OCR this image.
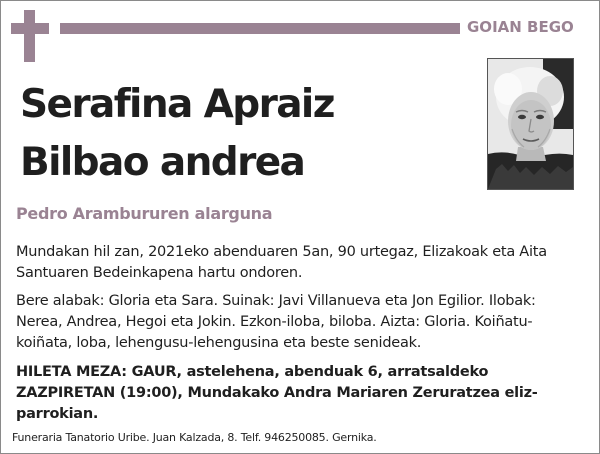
GOIAN BEGO
Serafina Apraiz
Bilbao andrea
Pedro Arambururen alarguna
Mundakan hil zan, 2021eko abenduaren 5an, 90 urtegaz, Elizakoak eta Aita Santuaren Bedeinkapena hartu ondoren.
Bere alabak: Gloria eta Sara. Suinak: Javi Villanueva eta Jon Egilior. Ilobak: Nerea, Andrea, Hegoi eta Jokin. Ezkon-iloba, biloba. Aizta: Gloria. Koiñatu-koiñata, loba, lehengusu-lehengusina eta beste senideak.
HILETA MEZA: GAUR, astelehena, abenduak 6, arratsaldeko ZAZPIRETAN (19:00), Mundakako Andra Mariaren Zeruratzea eliz-parrokian.
Funeraria Tanatorio Uribe. Juan Kalzada, 8. Telf. 946250085. Gernika.
